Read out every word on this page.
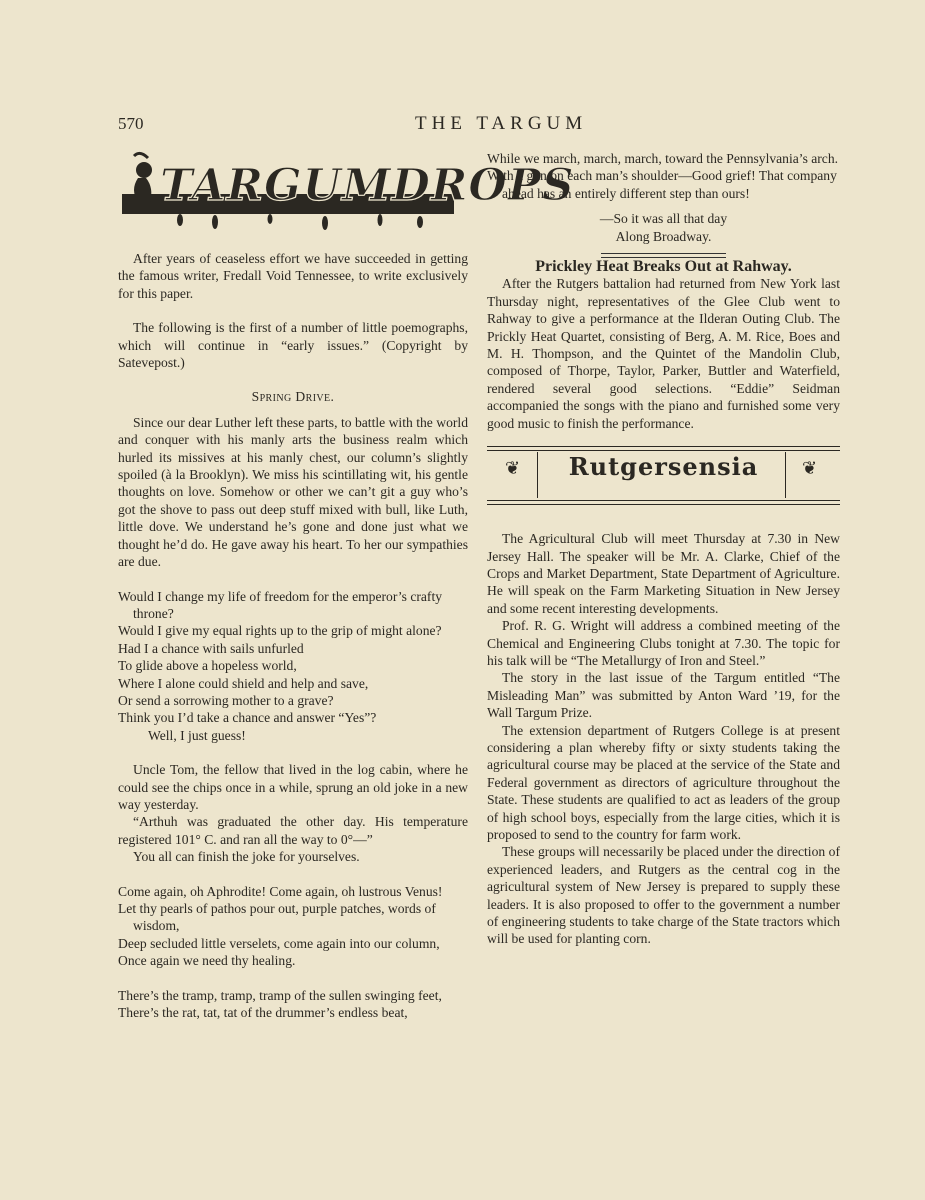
570	THE TARGUM
TARGUMDROPS

After years of ceaseless effort we have succeeded in getting the famous writer, Fredall Void Tennessee, to write exclusively for this paper.

The following is the first of a number of little poemographs, which will continue in “early issues.” (Copyright by Satevepost.)

Spring Drive.

Since our dear Luther left these parts, to battle with the world and conquer with his manly arts the business realm which hurled its missives at his manly chest, our column’s slightly spoiled (à la Brooklyn). We miss his scintillating wit, his gentle thoughts on love. Somehow or other we can’t git a guy who’s got the shove to pass out deep stuff mixed with bull, like Luth, little dove. We understand he’s gone and done just what we thought he’d do. He gave away his heart. To her our sympathies are due.

Would I change my life of freedom for the emperor’s crafty throne?

Would I give my equal rights up to the grip of might alone?

Had I a chance with sails unfurled

To glide above a hopeless world,

Where I alone could shield and help and save,

Or send a sorrowing mother to a grave?

Think you I’d take a chance and answer “Yes”?

Well, I just guess!

Uncle Tom, the fellow that lived in the log cabin, where he could see the chips once in a while, sprung an old joke in a new way yesterday.

“Arthuh was graduated the other day. His temperature registered 101° C. and ran all the way to 0°—”

You all can finish the joke for yourselves.

Come again, oh Aphrodite! Come again, oh lustrous Venus!

Let thy pearls of pathos pour out, purple patches, words of wisdom,

Deep secluded little verselets, come again into our column,

Once again we need thy healing.

There’s the tramp, tramp, tramp of the sullen swinging feet,

There’s the rat, tat, tat of the drummer’s endless beat,

While we march, march, march, toward the Pennsylvania’s arch.

With a gun on each man’s shoulder—Good grief! That company ahead has an entirely different step than ours!

—So it was all that day

Along Broadway.

Prickley Heat Breaks Out at Rahway.

After the Rutgers battalion had returned from New York last Thursday night, representatives of the Glee Club went to Rahway to give a performance at the Ilderan Outing Club. The Prickly Heat Quartet, consisting of Berg, A. M. Rice, Boes and M. H. Thompson, and the Quintet of the Mandolin Club, composed of Thorpe, Taylor, Parker, Buttler and Waterfield, rendered several good selections. “Eddie” Seidman accompanied the songs with the piano and furnished some very good music to finish the performance.

❦	❦
Rutgersensia

The Agricultural Club will meet Thursday at 7.30 in New Jersey Hall. The speaker will be Mr. A. Clarke, Chief of the Crops and Market Department, State Department of Agriculture. He will speak on the Farm Marketing Situation in New Jersey and some recent interesting developments.

Prof. R. G. Wright will address a combined meeting of the Chemical and Engineering Clubs tonight at 7.30. The topic for his talk will be “The Metallurgy of Iron and Steel.”

The story in the last issue of the Targum entitled “The Misleading Man” was submitted by Anton Ward ’19, for the Wall Targum Prize.

The extension department of Rutgers College is at present considering a plan whereby fifty or sixty students taking the agricultural course may be placed at the service of the State and Federal government as directors of agriculture throughout the State. These students are qualified to act as leaders of the group of high school boys, especially from the large cities, which it is proposed to send to the country for farm work.

These groups will necessarily be placed under the direction of experienced leaders, and Rutgers as the central cog in the agricultural system of New Jersey is prepared to supply these leaders. It is also proposed to offer to the government a number of engineering students to take charge of the State tractors which will be used for planting corn.
